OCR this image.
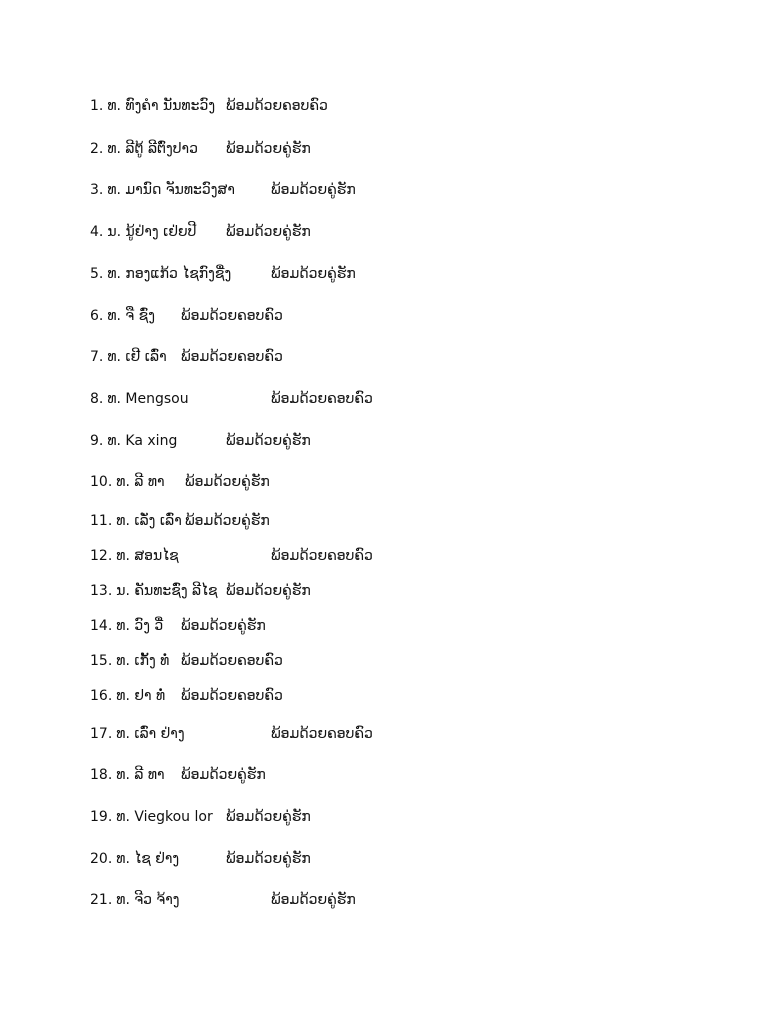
1. ທ. ທົງຄໍາ ນັນທະວົງ ພ້ອມດ້ວຍຄອບຄົວ
2. ທ. ລີຕູ້ ລີຕົ່ງປາວ ພ້ອມດ້ວຍຄູ່ຮັກ
3. ທ. ມານົດ ຈັນທະວົງສາ	ພ້ອມດ້ວຍຄູ່ຮັກ
4. ນ. ນູ້ຢ່າງ ເຢ່ຍປີ ພ້ອມດ້ວຍຄູ່ຮັກ
5. ທ. ກອງແກ້ວ ໄຊກົງຊື່ງ	ພ້ອມດ້ວຍຄູ່ຮັກ
6. ທ. ຈື ຊົ່ງ ພ້ອມດ້ວຍຄອບຄົວ
7. ທ. ເຢີ ເລົ່າ ພ້ອມດ້ວຍຄອບຄົວ
8. ທ. Mengsou	ພ້ອມດ້ວຍຄອບຄົວ
9. ທ. Ka xing	ພ້ອມດ້ວຍຄູ່ຮັກ
10. ທ. ລີ ທາ ພ້ອມດ້ວຍຄູ່ຮັກ
11. ທ. ເລັ່ງ ເລົ່າ ພ້ອມດ້ວຍຄູ່ຮັກ
12. ທ. ສອນໄຊ	ພ້ອມດ້ວຍຄອບຄົວ
13. ນ. ຄັນທະຊົ່ງ ລີໄຊ ພ້ອມດ້ວຍຄູ່ຮັກ
14. ທ. ວົງ ວື່ ພ້ອມດ້ວຍຄູ່ຮັກ
15. ທ. ເກັ້ງ ທໍ່ ພ້ອມດ້ວຍຄອບຄົວ
16. ທ. ຢາ ທໍ່ ພ້ອມດ້ວຍຄອບຄົວ
17. ທ. ເລົ່າ ຢ່າງ	ພ້ອມດ້ວຍຄອບຄົວ
18. ທ. ລີ ທາ ພ້ອມດ້ວຍຄູ່ຮັກ
19. ທ. Viegkou lor ພ້ອມດ້ວຍຄູ່ຮັກ
20. ທ. ໄຊ ຢ່າງ	ພ້ອມດ້ວຍຄູ່ຮັກ
21. ທ. ຈີວ ຈ້າງ	ພ້ອມດ້ວຍຄູ່ຮັກ
